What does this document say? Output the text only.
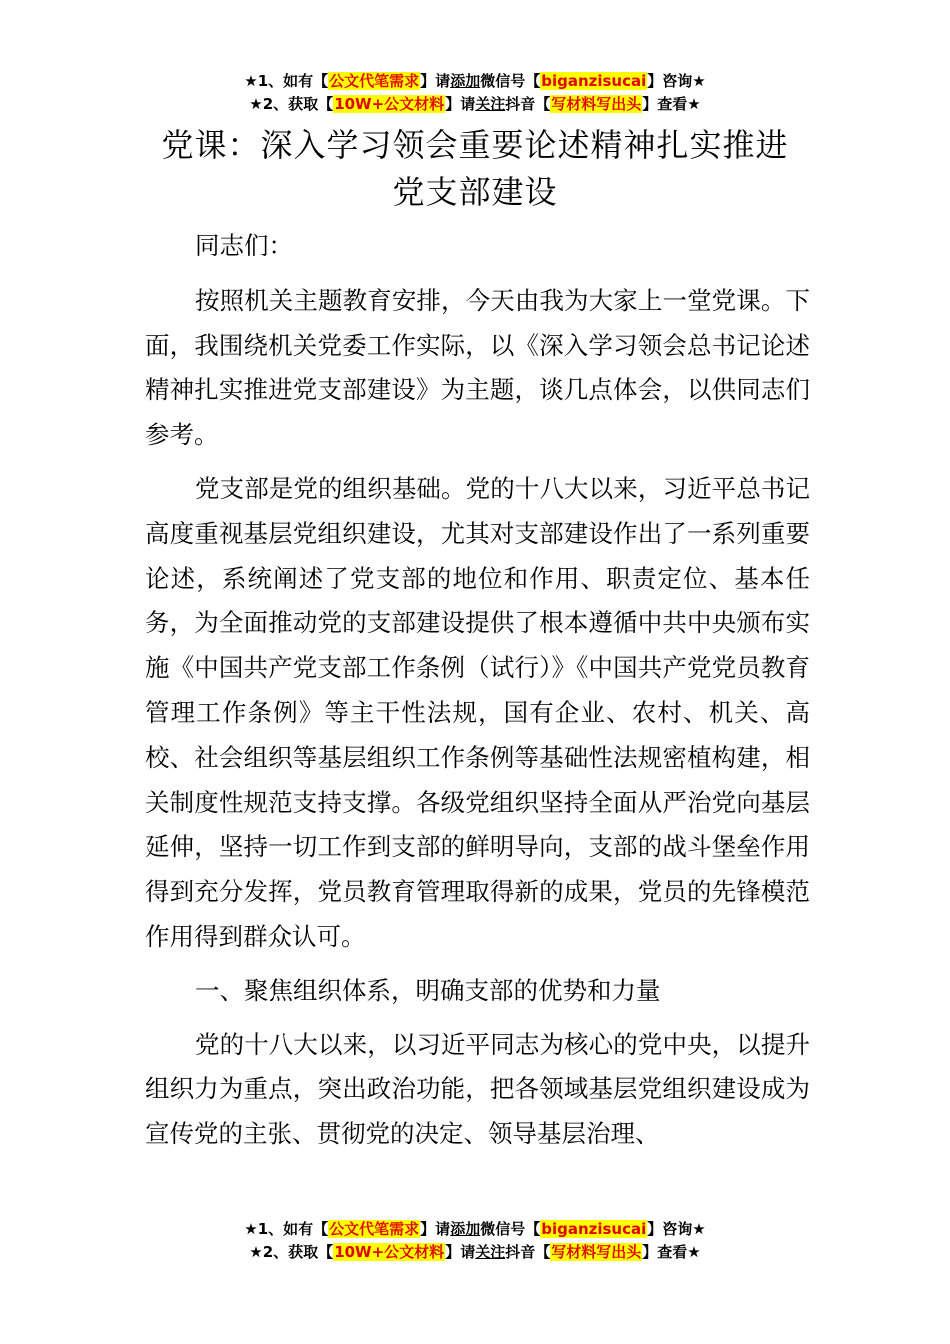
★1、如有【公文代笔需求】请添加微信号【biganzisucai】咨询★
★2、获取【10W+公文材料】请关注抖音【写材料写出头】查看★
党课：深入学习领会重要论述精神扎实推进
党支部建设

同志们：

按照机关主题教育安排，今天由我为大家上一堂党课。下面，我围绕机关党委工作实际，以《深入学习领会总书记论述精神扎实推进党支部建设》为主题，谈几点体会，以供同志们参考。

党支部是党的组织基础。党的十八大以来，习近平总书记高度重视基层党组织建设，尤其对支部建设作出了一系列重要论述，系统阐述了党支部的地位和作用、职责定位、基本任务，为全面推动党的支部建设提供了根本遵循中共中央颁布实施《中国共产党支部工作条例（试行）》《中国共产党党员教育管理工作条例》等主干性法规，国有企业、农村、机关、高校、社会组织等基层组织工作条例等基础性法规密植构建，相关制度性规范支持支撑。各级党组织坚持全面从严治党向基层延伸，坚持一切工作到支部的鲜明导向，支部的战斗堡垒作用得到充分发挥，党员教育管理取得新的成果，党员的先锋模范作用得到群众认可。

一、聚焦组织体系，明确支部的优势和力量

党的十八大以来，以习近平同志为核心的党中央，以提升组织力为重点，突出政治功能，把各领域基层党组织建设成为宣传党的主张、贯彻党的决定、领导基层治理、

★1、如有【公文代笔需求】请添加微信号【biganzisucai】咨询★
★2、获取【10W+公文材料】请关注抖音【写材料写出头】查看★
